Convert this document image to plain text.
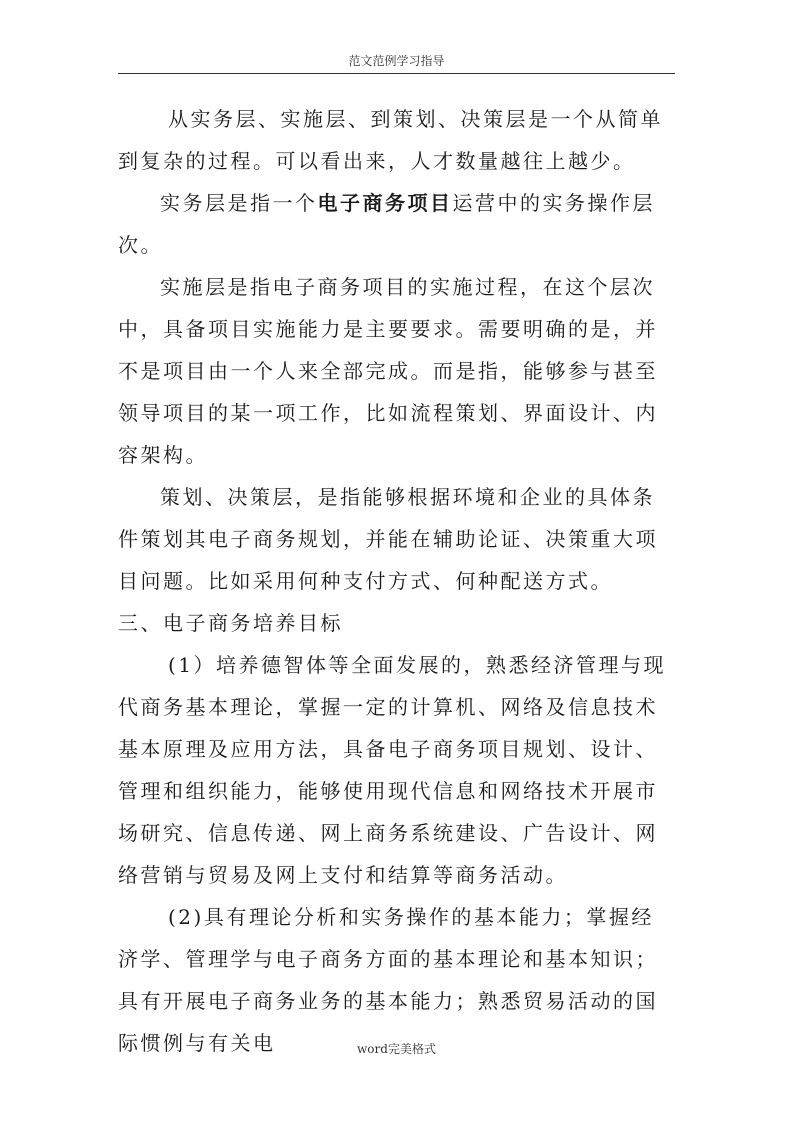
范文范例学习指导

从实务层、实施层、到策划、决策层是一个从简单到复杂的过程。可以看出来，人才数量越往上越少。

实务层是指一个电子商务项目运营中的实务操作层次。

实施层是指电子商务项目的实施过程，在这个层次中，具备项目实施能力是主要要求。需要明确的是，并不是项目由一个人来全部完成。而是指，能够参与甚至领导项目的某一项工作，比如流程策划、界面设计、内容架构。

策划、决策层，是指能够根据环境和企业的具体条件策划其电子商务规划，并能在辅助论证、决策重大项目问题。比如采用何种支付方式、何种配送方式。

三、电子商务培养目标

(1）培养德智体等全面发展的，熟悉经济管理与现代商务基本理论，掌握一定的计算机、网络及信息技术基本原理及应用方法，具备电子商务项目规划、设计、管理和组织能力，能够使用现代信息和网络技术开展市场研究、信息传递、网上商务系统建设、广告设计、网络营销与贸易及网上支付和结算等商务活动。

(2)具有理论分析和实务操作的基本能力；掌握经济学、管理学与电子商务方面的基本理论和基本知识；具有开展电子商务业务的基本能力；熟悉贸易活动的国际惯例与有关电	word完美格式
